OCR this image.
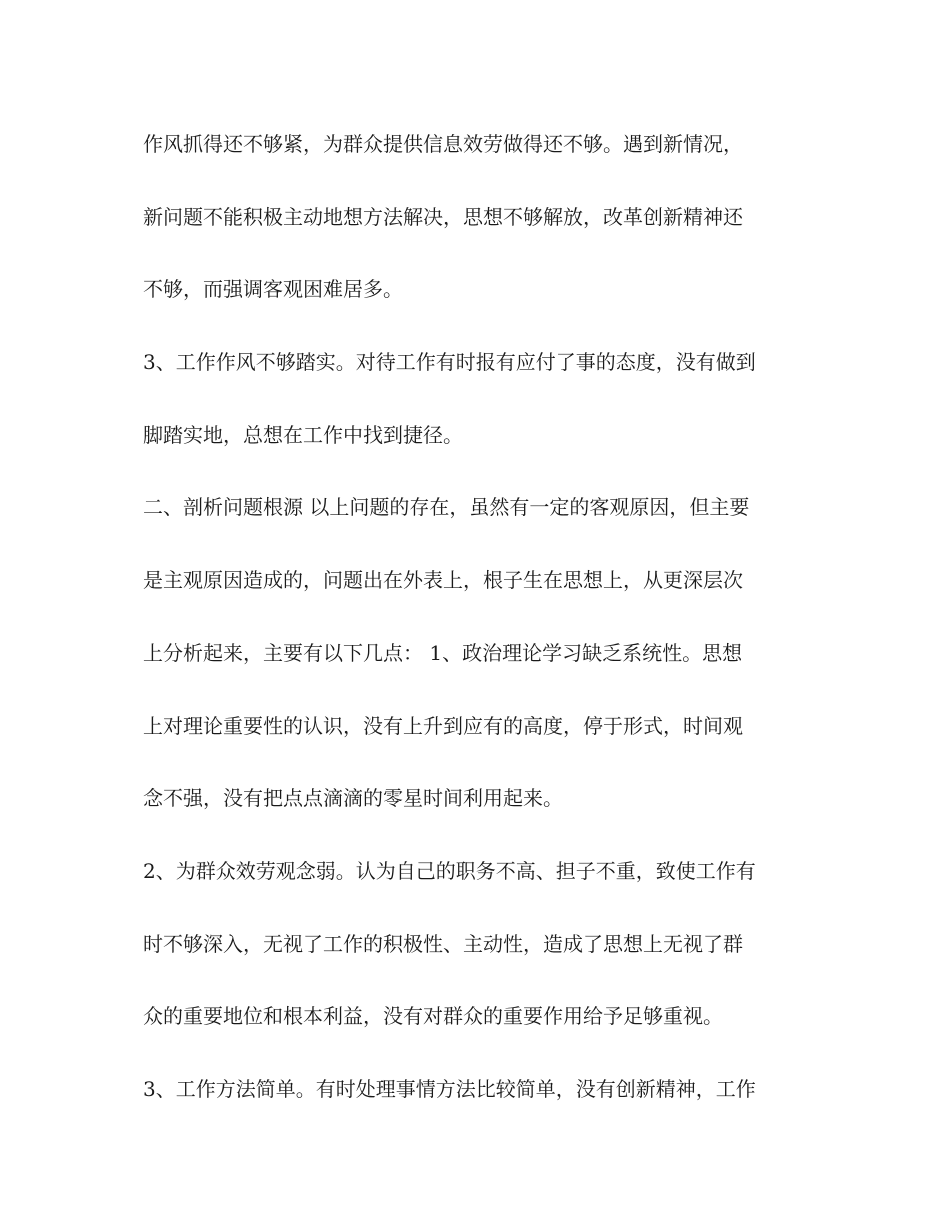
作风抓得还不够紧，为群众提供信息效劳做得还不够。遇到新情况，
新问题不能积极主动地想方法解决，思想不够解放，改革创新精神还
不够，而强调客观困难居多。
3、工作作风不够踏实。对待工作有时报有应付了事的态度，没有做到
脚踏实地，总想在工作中找到捷径。
二、剖析问题根源 以上问题的存在，虽然有一定的客观原因，但主要
是主观原因造成的，问题出在外表上，根子生在思想上，从更深层次
上分析起来，主要有以下几点： 1、政治理论学习缺乏系统性。思想
上对理论重要性的认识，没有上升到应有的高度，停于形式，时间观
念不强，没有把点点滴滴的零星时间利用起来。
2、为群众效劳观念弱。认为自己的职务不高、担子不重，致使工作有
时不够深入，无视了工作的积极性、主动性，造成了思想上无视了群
众的重要地位和根本利益，没有对群众的重要作用给予足够重视。
3、工作方法简单。有时处理事情方法比较简单，没有创新精神，工作
